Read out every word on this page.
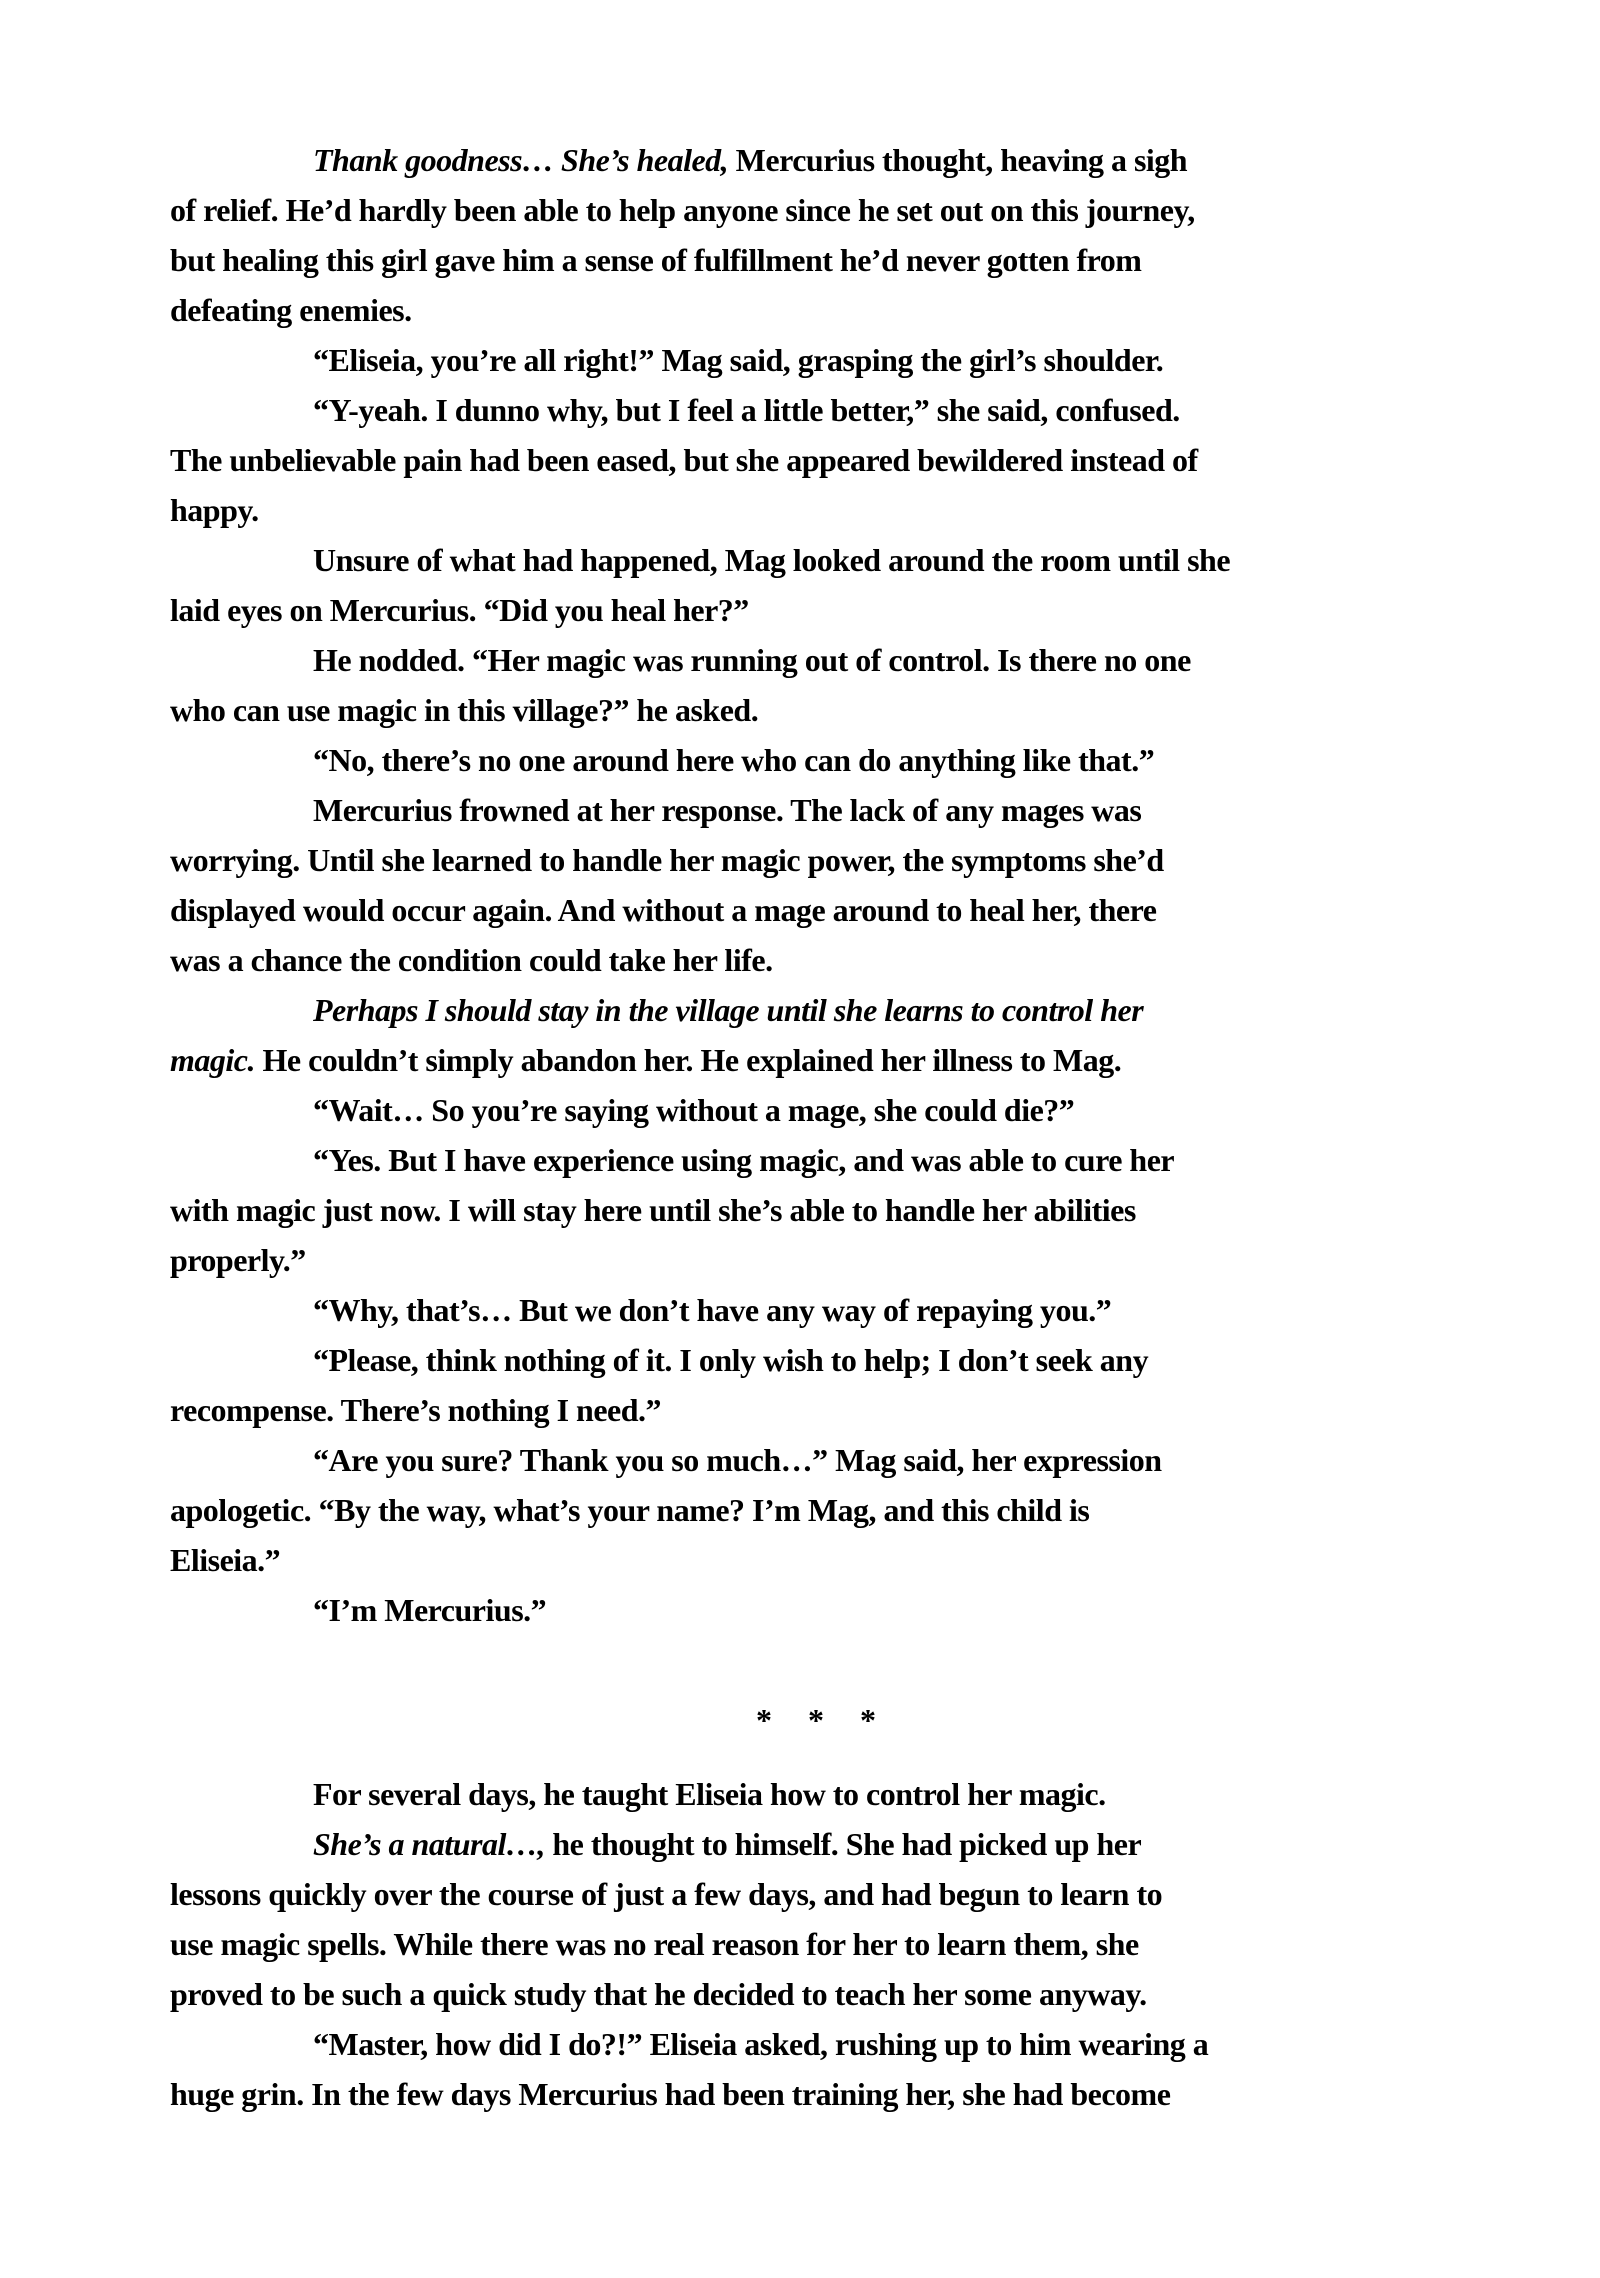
Thank goodness… She’s healed, Mercurius thought, heaving a sigh
of relief. He’d hardly been able to help anyone since he set out on this journey,
but healing this girl gave him a sense of fulfillment he’d never gotten from
defeating enemies.
“Eliseia, you’re all right!” Mag said, grasping the girl’s shoulder.
“Y-yeah. I dunno why, but I feel a little better,” she said, confused.
The unbelievable pain had been eased, but she appeared bewildered instead of
happy.
Unsure of what had happened, Mag looked around the room until she
laid eyes on Mercurius. “Did you heal her?”
He nodded. “Her magic was running out of control. Is there no one
who can use magic in this village?” he asked.
“No, there’s no one around here who can do anything like that.”
Mercurius frowned at her response. The lack of any mages was
worrying. Until she learned to handle her magic power, the symptoms she’d
displayed would occur again. And without a mage around to heal her, there
was a chance the condition could take her life.
Perhaps I should stay in the village until she learns to control her
magic. He couldn’t simply abandon her. He explained her illness to Mag.
“Wait… So you’re saying without a mage, she could die?”
“Yes. But I have experience using magic, and was able to cure her
with magic just now. I will stay here until she’s able to handle her abilities
properly.”
“Why, that’s… But we don’t have any way of repaying you.”
“Please, think nothing of it. I only wish to help; I don’t seek any
recompense. There’s nothing I need.”
“Are you sure? Thank you so much…” Mag said, her expression
apologetic. “By the way, what’s your name? I’m Mag, and this child is
Eliseia.”
“I’m Mercurius.”
* * *
For several days, he taught Eliseia how to control her magic.
She’s a natural…, he thought to himself. She had picked up her
lessons quickly over the course of just a few days, and had begun to learn to
use magic spells. While there was no real reason for her to learn them, she
proved to be such a quick study that he decided to teach her some anyway.
“Master, how did I do?!” Eliseia asked, rushing up to him wearing a
huge grin. In the few days Mercurius had been training her, she had become
